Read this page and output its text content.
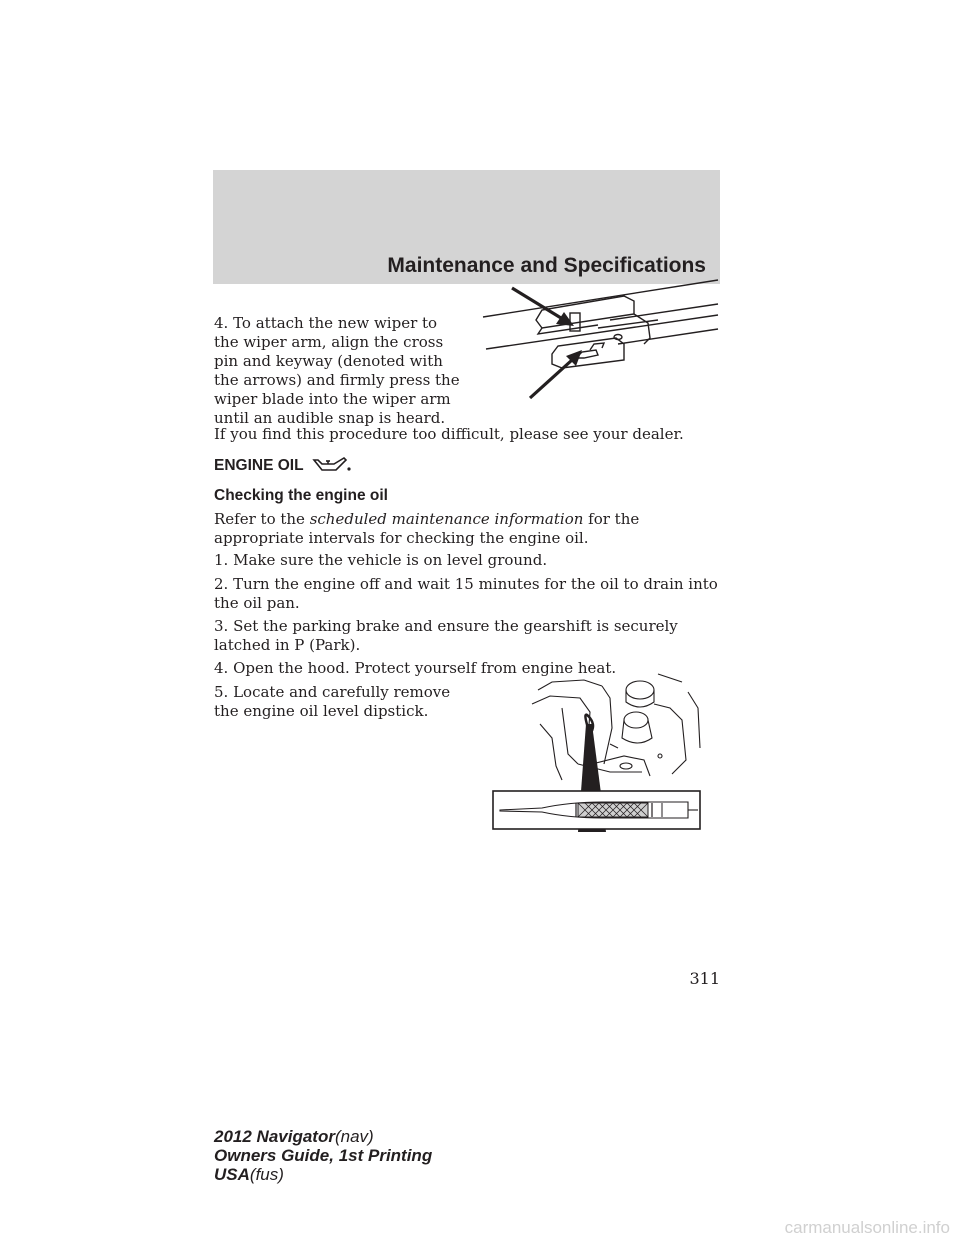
Maintenance and Specifications

4. To attach the new wiper to the wiper arm, align the cross pin and keyway (denoted with the arrows) and firmly press the wiper blade into the wiper arm until an audible snap is heard.

If you find this procedure too difficult, please see your dealer.

ENGINE OIL
Checking the engine oil

Refer to the scheduled maintenance information for the appropriate intervals for checking the engine oil.

1. Make sure the vehicle is on level ground.

2. Turn the engine off and wait 15 minutes for the oil to drain into the oil pan.

3. Set the parking brake and ensure the gearshift is securely latched in P (Park).

4. Open the hood. Protect yourself from engine heat.

5. Locate and carefully remove the engine oil level dipstick.

311
2012 Navigator(nav)
Owners Guide, 1st Printing
USA(fus)
carmanualsonline.info
